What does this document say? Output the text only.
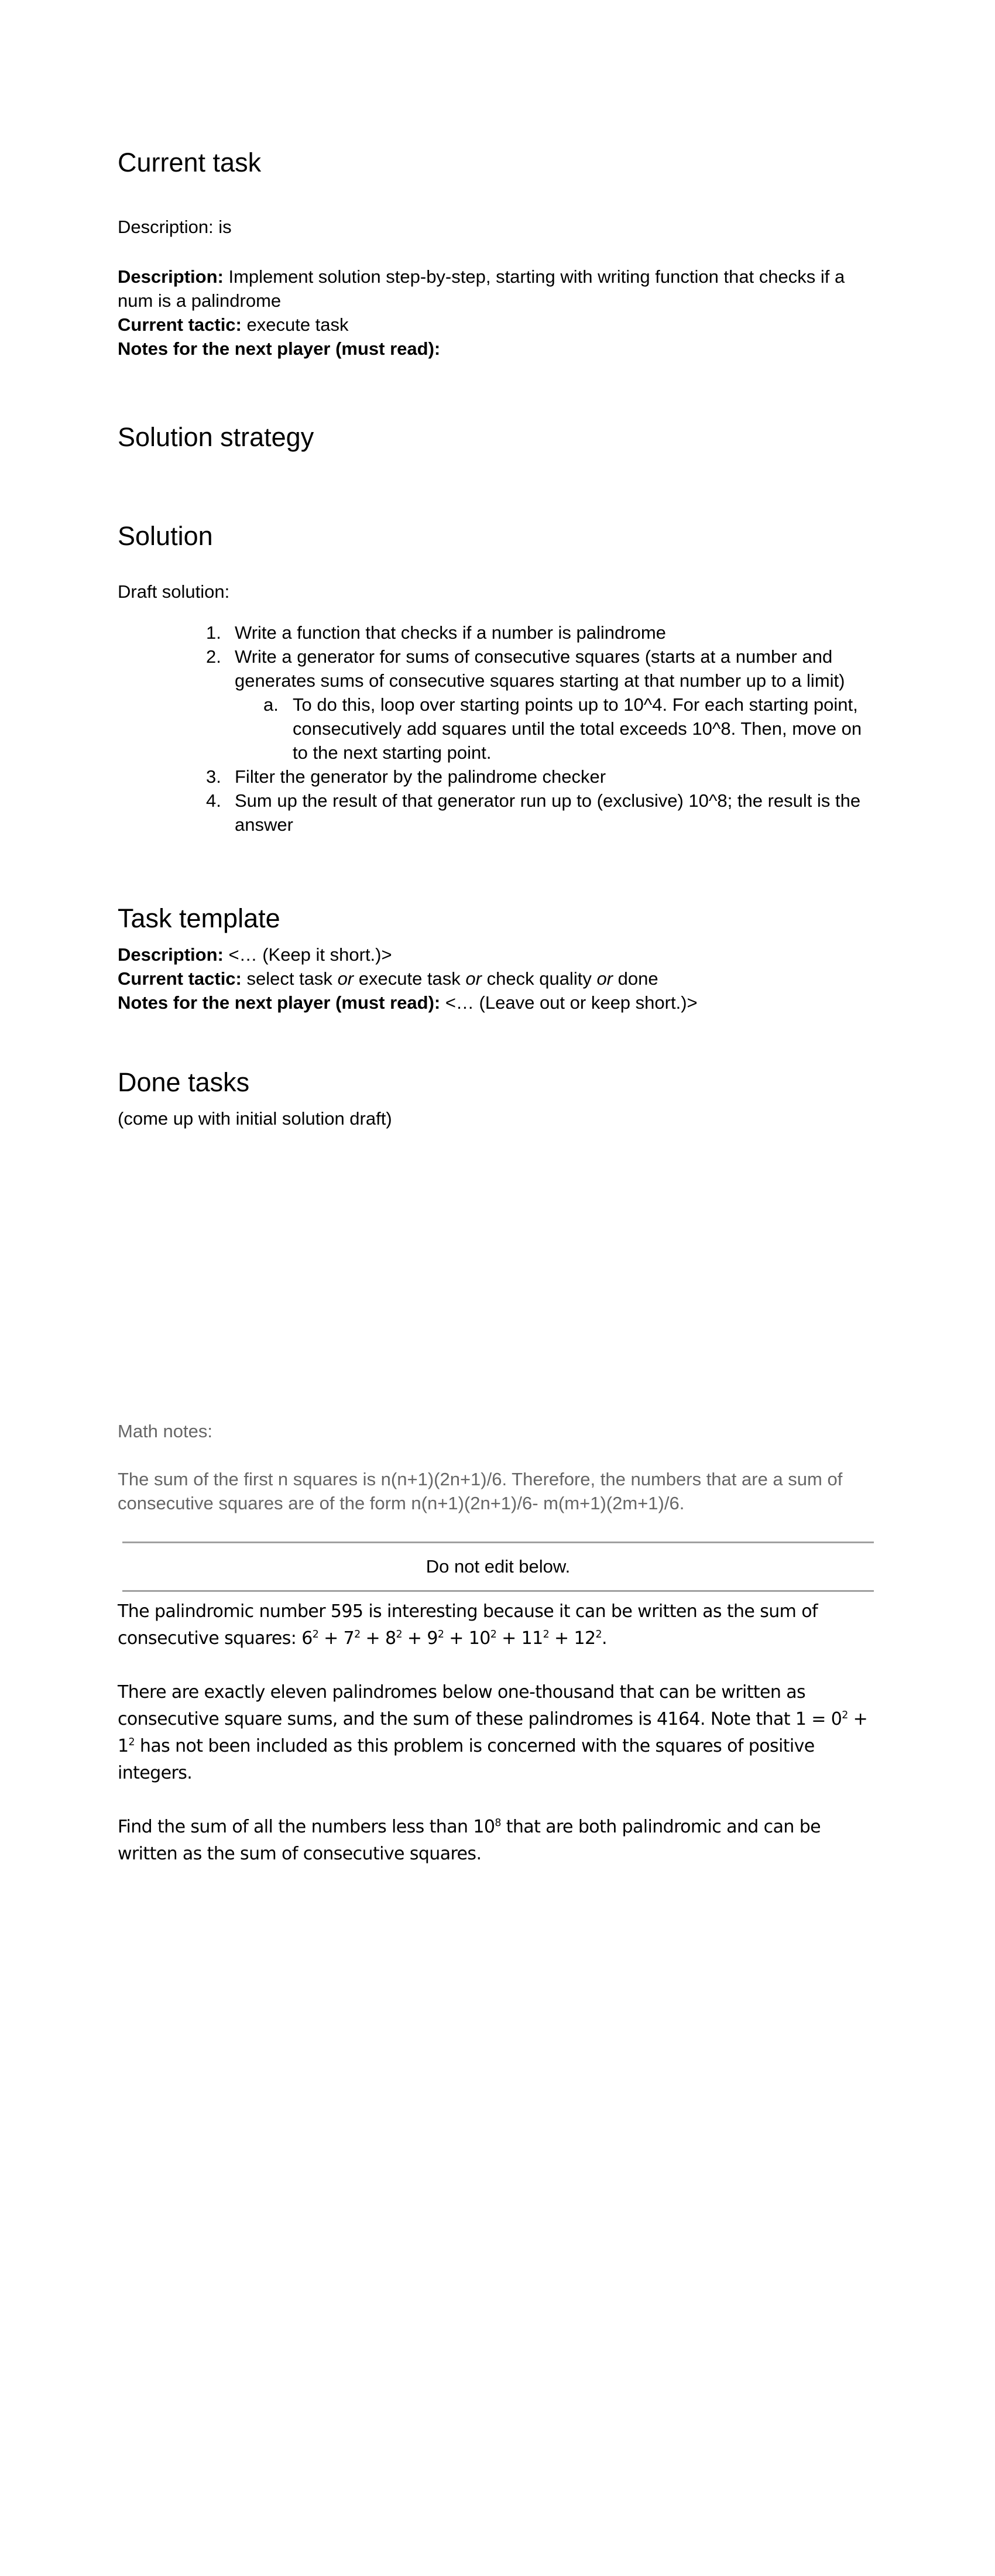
Current task

Description: is

Description: Implement solution step-by-step, starting with writing function that checks if a num is a palindrome

Current tactic: execute task

Notes for the next player (must read):

Solution strategy
Solution

Draft solution:

1. Write a function that checks if a number is palindrome
2. Write a generator for sums of consecutive squares (starts at a number and generates sums of consecutive squares starting at that number up to a limit)
a. To do this, loop over starting points up to 10^4. For each starting point, consecutively add squares until the total exceeds 10^8. Then, move on to the next starting point.
3. Filter the generator by the palindrome checker
4. Sum up the result of that generator run up to (exclusive) 10^8; the result is the answer
Task template

Description: <… (Keep it short.)>

Current tactic: select task or execute task or check quality or done

Notes for the next player (must read): <… (Leave out or keep short.)>

Done tasks

(come up with initial solution draft)

Math notes:

The sum of the first n squares is n(n+1)(2n+1)/6. Therefore, the numbers that are a sum of consecutive squares are of the form n(n+1)(2n+1)/6- m(m+1)(2m+1)/6.

Do not edit below.

The palindromic number 595 is interesting because it can be written as the sum of consecutive squares: $6^2 + 7^2 + 8^2 + 9^2 + 10^2 + 11^2 + 12^2$.

There are exactly eleven palindromes below one-thousand that can be written as consecutive square sums, and the sum of these palindromes is 4164. Note that $1 = 0^2 + 1^2$ has not been included as this problem is concerned with the squares of positive integers.

Find the sum of all the numbers less than $10^8$ that are both palindromic and can be written as the sum of consecutive squares.
